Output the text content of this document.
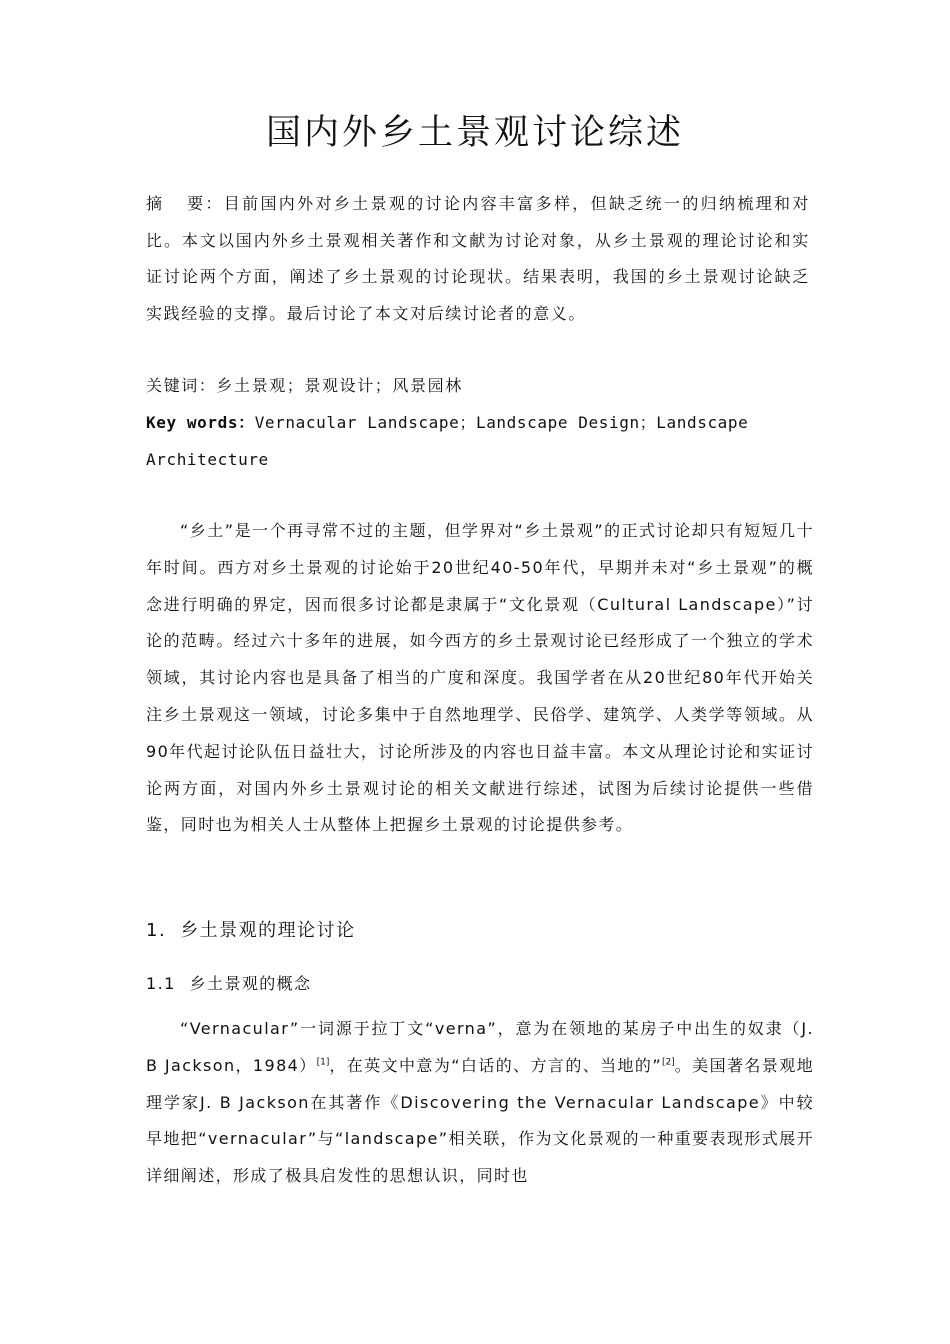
国内外乡土景观讨论综述

摘 要：目前国内外对乡土景观的讨论内容丰富多样，但缺乏统一的归纳梳理和对比。本文以国内外乡土景观相关著作和文献为讨论对象，从乡土景观的理论讨论和实证讨论两个方面，阐述了乡土景观的讨论现状。结果表明，我国的乡土景观讨论缺乏实践经验的支撑。最后讨论了本文对后续讨论者的意义。

关键词：乡土景观；景观设计；风景园林

Key words：Vernacular Landscape；Landscape Design；Landscape Architecture

“乡土”是一个再寻常不过的主题，但学界对“乡土景观”的正式讨论却只有短短几十年时间。西方对乡土景观的讨论始于20世纪40-50年代，早期并未对“乡土景观”的概念进行明确的界定，因而很多讨论都是隶属于“文化景观（Cultural Landscape）”讨论的范畴。经过六十多年的进展，如今西方的乡土景观讨论已经形成了一个独立的学术领域，其讨论内容也是具备了相当的广度和深度。我国学者在从20世纪80年代开始关注乡土景观这一领域，讨论多集中于自然地理学、民俗学、建筑学、人类学等领域。从90年代起讨论队伍日益壮大，讨论所涉及的内容也日益丰富。本文从理论讨论和实证讨论两方面，对国内外乡土景观讨论的相关文献进行综述，试图为后续讨论提供一些借鉴，同时也为相关人士从整体上把握乡土景观的讨论提供参考。

1. 乡土景观的理论讨论
1.1 乡土景观的概念

“Vernacular”一词源于拉丁文“verna”，意为在领地的某房子中出生的奴隶（J. B Jackson，1984）[1]，在英文中意为“白话的、方言的、当地的”[2]。美国著名景观地理学家J. B Jackson在其著作《Discovering the Vernacular Landscape》中较早地把“vernacular”与“landscape”相关联，作为文化景观的一种重要表现形式展开详细阐述，形成了极具启发性的思想认识，同时也
